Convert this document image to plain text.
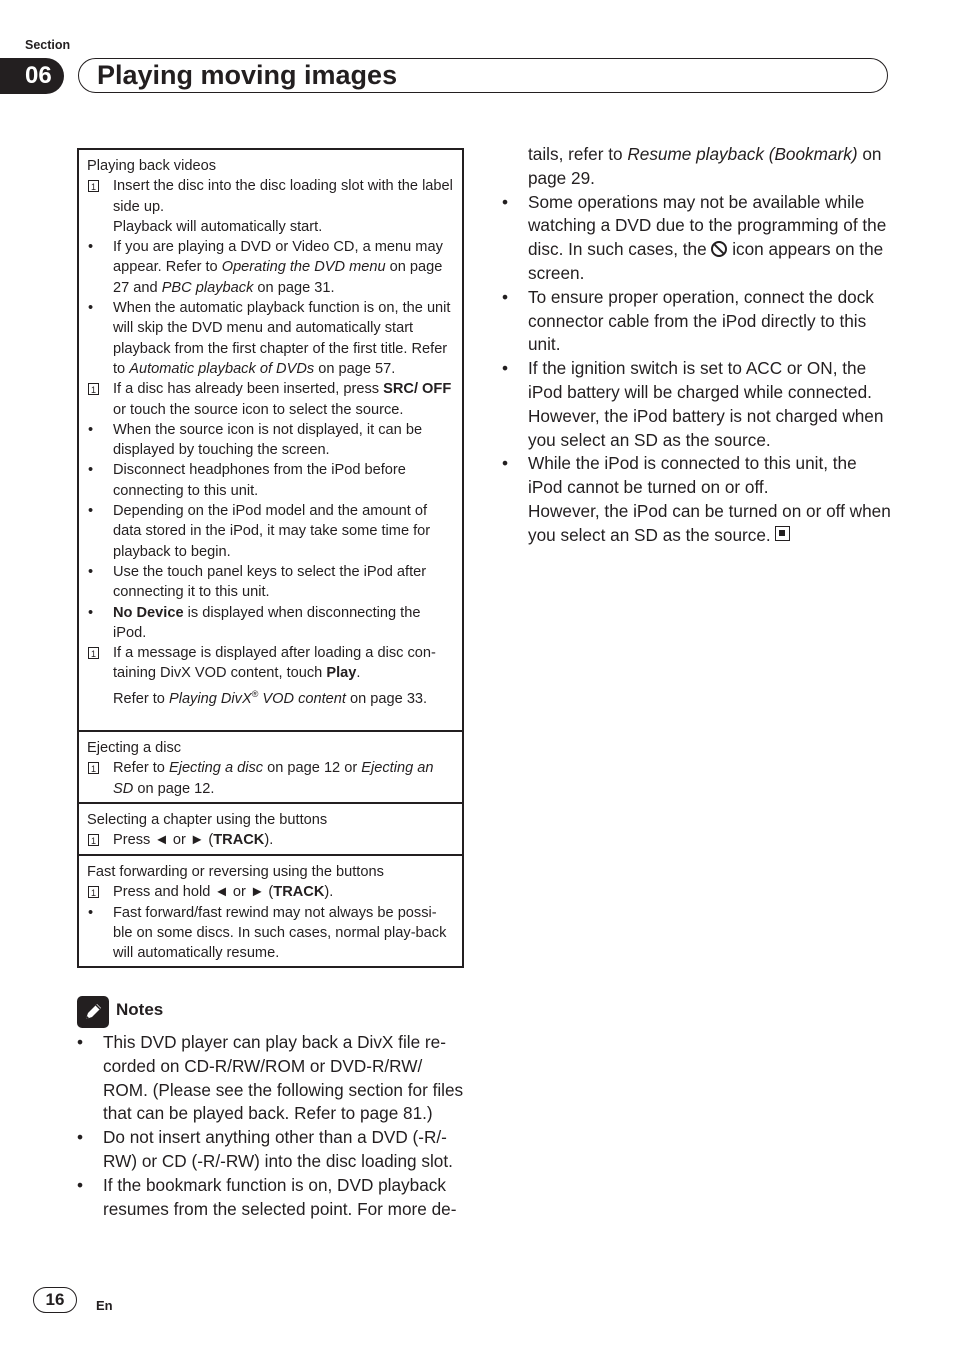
Section
06	Playing moving images
Playing back videos
1 Insert the disc into the disc loading slot with the label side up.
Playback will automatically start.
• If you are playing a DVD or Video CD, a menu may appear. Refer to Operating the DVD menu on page 27 and PBC playback on page 31.
• When the automatic playback function is on, the unit will skip the DVD menu and automatically start playback from the first chapter of the first title. Refer to Automatic playback of DVDs on page 57.
1 If a disc has already been inserted, press SRC/ OFF or touch the source icon to select the source.
• When the source icon is not displayed, it can be displayed by touching the screen.
• Disconnect headphones from the iPod before connecting to this unit.
• Depending on the iPod model and the amount of data stored in the iPod, it may take some time for playback to begin.
• Use the touch panel keys to select the iPod after connecting it to this unit.
• No Device is displayed when disconnecting the iPod.
1 If a message is displayed after loading a disc con-taining DivX VOD content, touch Play.
Refer to Playing DivX® VOD content on page 33.
Ejecting a disc
1 Refer to Ejecting a disc on page 12 or Ejecting an SD on page 12.
Selecting a chapter using the buttons
1 Press ◄ or ► (TRACK).
Fast forwarding or reversing using the buttons
1 Press and hold ◄ or ► (TRACK).
• Fast forward/fast rewind may not always be possi-ble on some discs. In such cases, normal play-back will automatically resume.
Notes
• This DVD player can play back a DivX file re-corded on CD-R/RW/ROM or DVD-R/RW/ ROM. (Please see the following section for files that can be played back. Refer to page 81.)
• Do not insert anything other than a DVD (-R/-RW) or CD (-R/-RW) into the disc loading slot.
• If the bookmark function is on, DVD playback resumes from the selected point. For more de-
tails, refer to Resume playback (Bookmark) on page 29.
• Some operations may not be available while watching a DVD due to the programming of the disc. In such cases, the  icon appears on the screen.
• To ensure proper operation, connect the dock connector cable from the iPod directly to this unit.
• If the ignition switch is set to ACC or ON, the iPod battery will be charged while connected. However, the iPod battery is not charged when you select an SD as the source.
• While the iPod is connected to this unit, the iPod cannot be turned on or off.
However, the iPod can be turned on or off when you select an SD as the source.
16	En
